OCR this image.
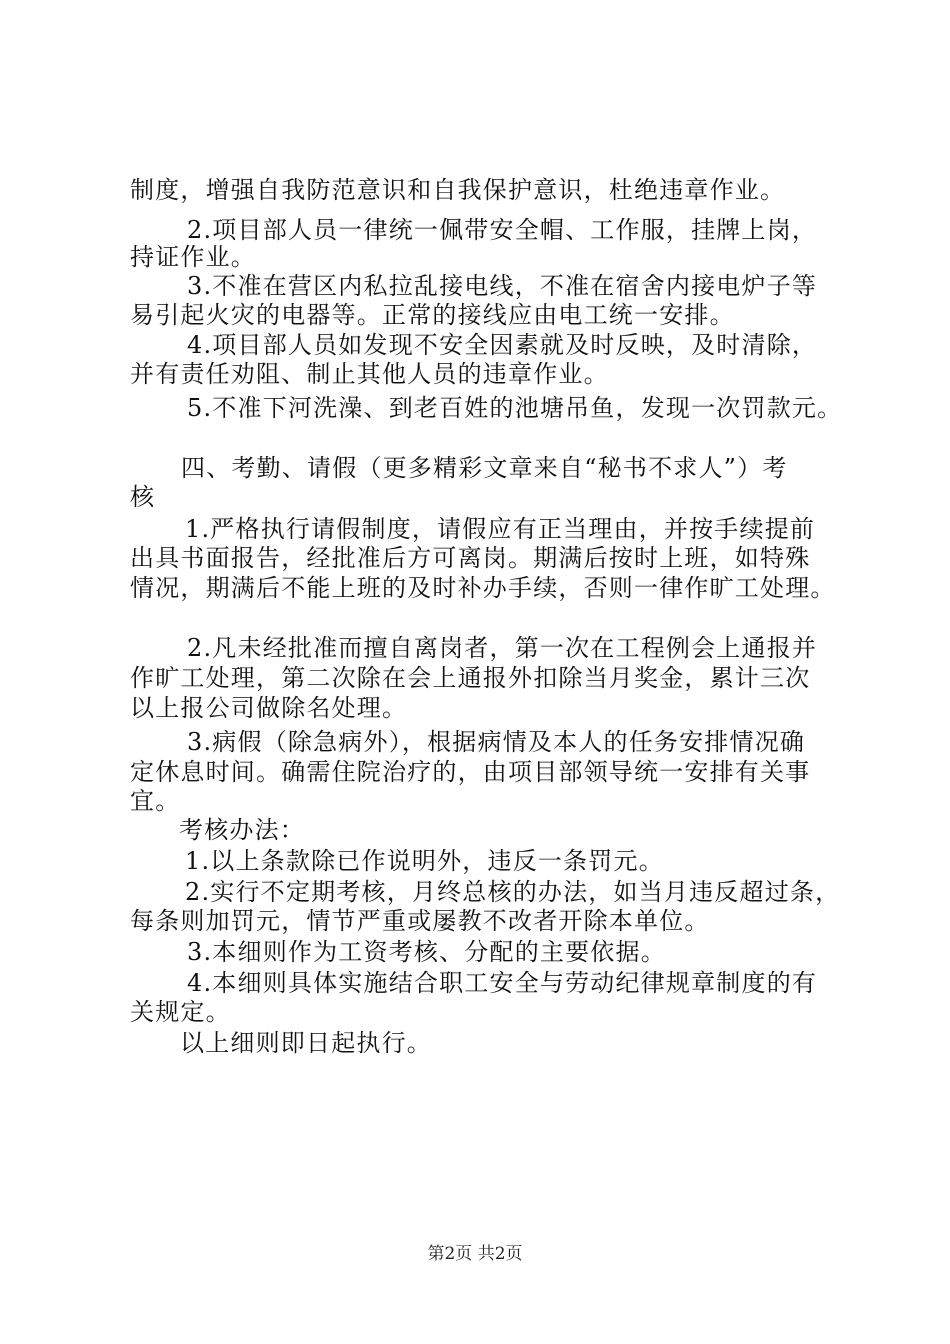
制度，增强自我防范意识和自我保护意识，杜绝违章作业。
2.项目部人员一律统一佩带安全帽、工作服，挂牌上岗，
持证作业。
3.不准在营区内私拉乱接电线，不准在宿舍内接电炉子等
易引起火灾的电器等。正常的接线应由电工统一安排。
4.项目部人员如发现不安全因素就及时反映，及时清除，
并有责任劝阻、制止其他人员的违章作业。
5.不准下河洗澡、到老百姓的池塘吊鱼，发现一次罚款元。
四、考勤、请假（更多精彩文章来自“秘书不求人”）考
核
1.严格执行请假制度，请假应有正当理由，并按手续提前
出具书面报告，经批准后方可离岗。期满后按时上班，如特殊
情况，期满后不能上班的及时补办手续，否则一律作旷工处理。
2.凡未经批准而擅自离岗者，第一次在工程例会上通报并
作旷工处理，第二次除在会上通报外扣除当月奖金，累计三次
以上报公司做除名处理。
3.病假（除急病外），根据病情及本人的任务安排情况确
定休息时间。确需住院治疗的，由项目部领导统一安排有关事
宜。
考核办法：
1.以上条款除已作说明外，违反一条罚元。
2.实行不定期考核，月终总核的办法，如当月违反超过条，
每条则加罚元，情节严重或屡教不改者开除本单位。
3.本细则作为工资考核、分配的主要依据。
4.本细则具体实施结合职工安全与劳动纪律规章制度的有
关规定。
以上细则即日起执行。
第2页 共2页
